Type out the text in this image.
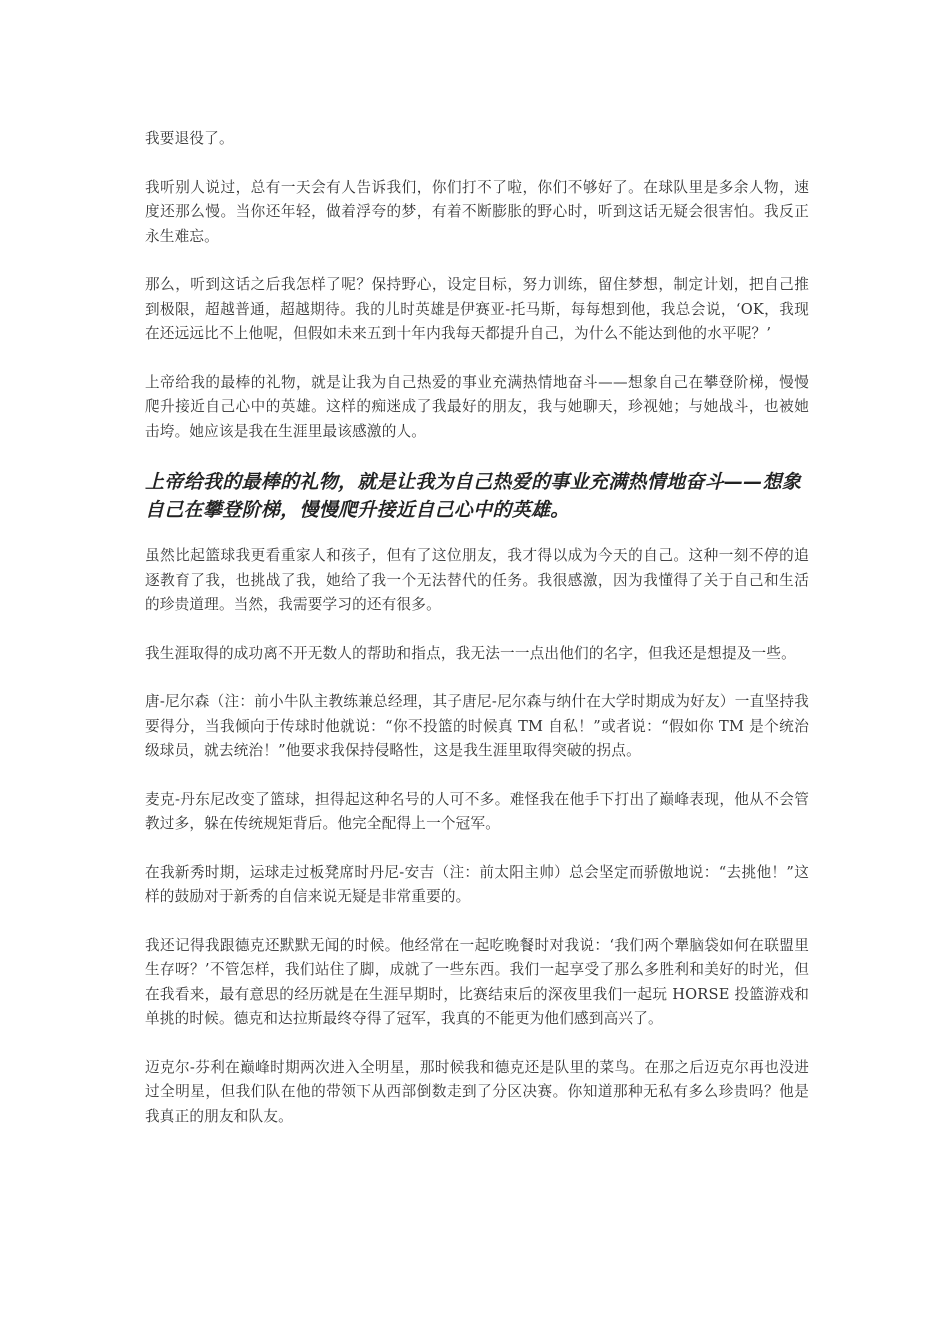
我要退役了。

我听别人说过，总有一天会有人告诉我们，你们打不了啦，你们不够好了。在球队里是多余人物，速度还那么慢。当你还年轻，做着浮夸的梦，有着不断膨胀的野心时，听到这话无疑会很害怕。我反正永生难忘。

那么，听到这话之后我怎样了呢？保持野心，设定目标，努力训练，留住梦想，制定计划，把自己推到极限，超越普通，超越期待。我的儿时英雄是伊赛亚-托马斯，每每想到他，我总会说，‘OK，我现在还远远比不上他呢，但假如未来五到十年内我每天都提升自己，为什么不能达到他的水平呢？’

上帝给我的最棒的礼物，就是让我为自己热爱的事业充满热情地奋斗——想象自己在攀登阶梯，慢慢爬升接近自己心中的英雄。这样的痴迷成了我最好的朋友，我与她聊天，珍视她；与她战斗，也被她击垮。她应该是我在生涯里最该感激的人。

上帝给我的最棒的礼物，就是让我为自己热爱的事业充满热情地奋斗——想象自己在攀登阶梯，慢慢爬升接近自己心中的英雄。

虽然比起篮球我更看重家人和孩子，但有了这位朋友，我才得以成为今天的自己。这种一刻不停的追逐教育了我，也挑战了我，她给了我一个无法替代的任务。我很感激，因为我懂得了关于自己和生活的珍贵道理。当然，我需要学习的还有很多。

我生涯取得的成功离不开无数人的帮助和指点，我无法一一点出他们的名字，但我还是想提及一些。

唐-尼尔森（注：前小牛队主教练兼总经理，其子唐尼-尼尔森与纳什在大学时期成为好友）一直坚持我要得分，当我倾向于传球时他就说：“你不投篮的时候真 TM 自私！”或者说：“假如你 TM 是个统治级球员，就去统治！”他要求我保持侵略性，这是我生涯里取得突破的拐点。

麦克-丹东尼改变了篮球，担得起这种名号的人可不多。难怪我在他手下打出了巅峰表现，他从不会管教过多，躲在传统规矩背后。他完全配得上一个冠军。

在我新秀时期，运球走过板凳席时丹尼-安吉（注：前太阳主帅）总会坚定而骄傲地说：“去挑他！”这样的鼓励对于新秀的自信来说无疑是非常重要的。

我还记得我跟德克还默默无闻的时候。他经常在一起吃晚餐时对我说：‘我们两个犟脑袋如何在联盟里生存呀？’不管怎样，我们站住了脚，成就了一些东西。我们一起享受了那么多胜利和美好的时光，但在我看来，最有意思的经历就是在生涯早期时，比赛结束后的深夜里我们一起玩 HORSE 投篮游戏和单挑的时候。德克和达拉斯最终夺得了冠军，我真的不能更为他们感到高兴了。

迈克尔-芬利在巅峰时期两次进入全明星，那时候我和德克还是队里的菜鸟。在那之后迈克尔再也没进过全明星，但我们队在他的带领下从西部倒数走到了分区决赛。你知道那种无私有多么珍贵吗？他是我真正的朋友和队友。
